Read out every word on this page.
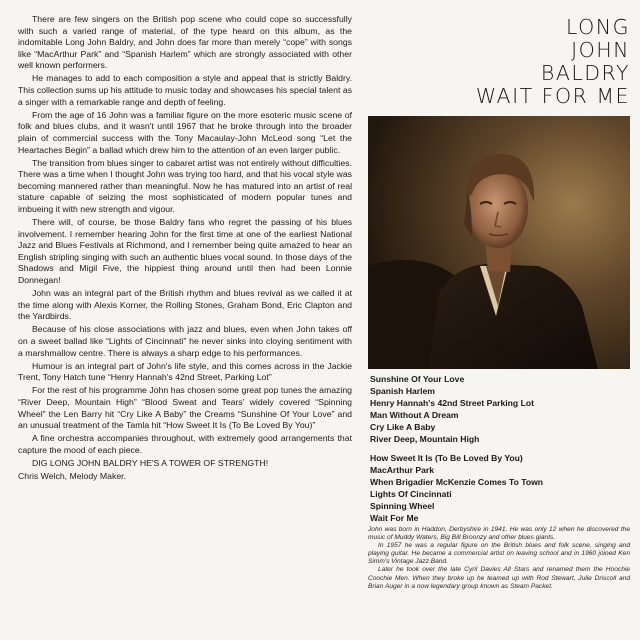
There are few singers on the British pop scene who could cope so successfully with such a varied range of material, of the type heard on this album, as the indomitable Long John Baldry, and John does far more than merely “cope” with songs like “MacArthur Park” and “Spanish Harlem” which are strongly associated with other well known performers.

He manages to add to each composition a style and appeal that is strictly Baldry. This collection sums up his attitude to music today and showcases his special talent as a singer with a remarkable range and depth of feeling.

From the age of 16 John was a familiar figure on the more esoteric music scene of folk and blues clubs, and it wasn't until 1967 that he broke through into the broader plain of commercial success with the Tony Macaulay-John McLeod song “Let the Heartaches Begin” a ballad which drew him to the attention of an even larger public.

The transition from blues singer to cabaret artist was not entirely without difficulties. There was a time when I thought John was trying too hard, and that his vocal style was becoming mannered rather than meaningful. Now he has matured into an artist of real stature capable of seizing the most sophisticated of modern popular tunes and imbueing it with new strength and vigour.

There will, of course, be those Baldry fans who regret the passing of his blues involvement. I remember hearing John for the first time at one of the earliest National Jazz and Blues Festivals at Richmond, and I remember being quite amazed to hear an English stripling singing with such an authentic blues vocal sound. In those days of the Shadows and Migil Five, the hippiest thing around until then had been Lonnie Donnegan!

John was an integral part of the British rhythm and blues revival as we called it at the time along with Alexis Korner, the Rolling Stones, Graham Bond, Eric Clapton and the Yardbirds.

Because of his close associations with jazz and blues, even when John takes off on a sweet ballad like “Lights of Cincinnati” he never sinks into cloying sentiment with a marshmallow centre. There is always a sharp edge to his performances.

Humour is an integral part of John's life style, and this comes across in the Jackie Trent, Tony Hatch tune “Henry Hannah's 42nd Street, Parking Lot”

For the rest of his programme John has chosen some great pop tunes the amazing “River Deep, Mountain High” “Blood Sweat and Tears' widely covered “Spinning Wheel” the Len Barry hit “Cry Like A Baby” the Creams “Sunshine Of Your Love” and an unusual treatment of the Tamla hit “How Sweet It Is (To Be Loved By You)”

A fine orchestra accompanies throughout, with extremely good arrangements that capture the mood of each piece.

DIG LONG JOHN BALDRY HE'S A TOWER OF STRENGTH!

Chris Welch, Melody Maker.

LONG
JOHN
BALDRY
WAIT FOR ME
Sunshine Of Your Love
Spanish Harlem
Henry Hannah's 42nd Street Parking Lot
Man Without A Dream
Cry Like A Baby
River Deep, Mountain High
How Sweet It Is (To Be Loved By You)
MacArthur Park
When Brigadier McKenzie Comes To Town
Lights Of Cincinnati
Spinning Wheel
Wait For Me

John was born in Haddon, Derbyshire in 1941. He was only 12 when he discovered the music of Muddy Waters, Big Bill Broonzy and other blues giants.

In 1957 he was a regular figure on the British blues and folk scene, singing and playing guitar. He became a commercial artist on leaving school and in 1960 joined Ken Simm's Vintage Jazz Band.

Later he took over the late Cyril Davies All Stars and renamed them the Hoochie Coochie Men. When they broke up he teamed up with Rod Stewart, Julie Driscoll and Brian Auger in a now legendary group known as Steam Packet.
